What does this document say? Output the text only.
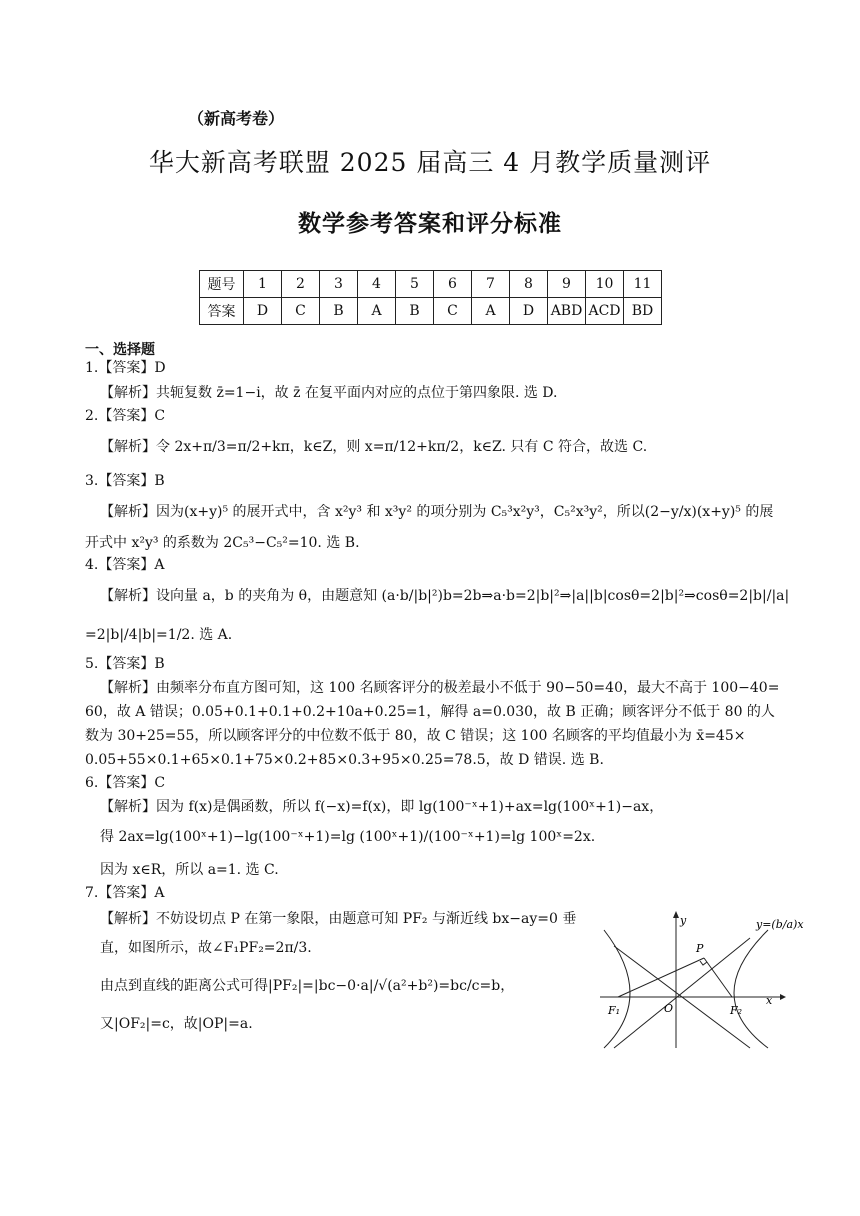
（新高考卷）
华大新高考联盟 2025 届高三 4 月教学质量测评
数学参考答案和评分标准
题号	1	2	3	4	5	6	7	8	9	10	11
答案	D	C	B	A	B	C	A	D	ABD	ACD	BD
一、选择题
1.【答案】D
【解析】共轭复数 z̄=1−i，故 z̄ 在复平面内对应的点位于第四象限. 选 D.
2.【答案】C
【解析】令 2x+π/3=π/2+kπ，k∈Z，则 x=π/12+kπ/2，k∈Z. 只有 C 符合，故选 C.
3.【答案】B
【解析】因为(x+y)⁵ 的展开式中，含 x²y³ 和 x³y² 的项分别为 C₅³x²y³，C₅²x³y²，所以(2−y/x)(x+y)⁵ 的展
开式中 x²y³ 的系数为 2C₅³−C₅²=10. 选 B.
4.【答案】A
【解析】设向量 a，b 的夹角为 θ，由题意知 (a·b/|b|²)b=2b⇒a·b=2|b|²⇒|a||b|cosθ=2|b|²⇒cosθ=2|b|/|a|
=2|b|/4|b|=1/2. 选 A.
5.【答案】B
【解析】由频率分布直方图可知，这 100 名顾客评分的极差最小不低于 90−50=40，最大不高于 100−40=
60，故 A 错误；0.05+0.1+0.1+0.2+10a+0.25=1，解得 a=0.030，故 B 正确；顾客评分不低于 80 的人
数为 30+25=55，所以顾客评分的中位数不低于 80，故 C 错误；这 100 名顾客的平均值最小为 x̄=45×
0.05+55×0.1+65×0.1+75×0.2+85×0.3+95×0.25=78.5，故 D 错误. 选 B.
6.【答案】C
【解析】因为 f(x)是偶函数，所以 f(−x)=f(x)，即 lg(100⁻ˣ+1)+ax=lg(100ˣ+1)−ax，
得 2ax=lg(100ˣ+1)−lg(100⁻ˣ+1)=lg (100ˣ+1)/(100⁻ˣ+1)=lg 100ˣ=2x.
因为 x∈R，所以 a=1. 选 C.
7.【答案】A
【解析】不妨设切点 P 在第一象限，由题意可知 PF₂ 与渐近线 bx−ay=0 垂
直，如图所示，故∠F₁PF₂=2π/3.
由点到直线的距离公式可得|PF₂|=|bc−0·a|/√(a²+b²)=bc/c=b，
又|OF₂|=c，故|OP|=a.
y=(b/a)x
x
y
O
F₁	F₂
P
